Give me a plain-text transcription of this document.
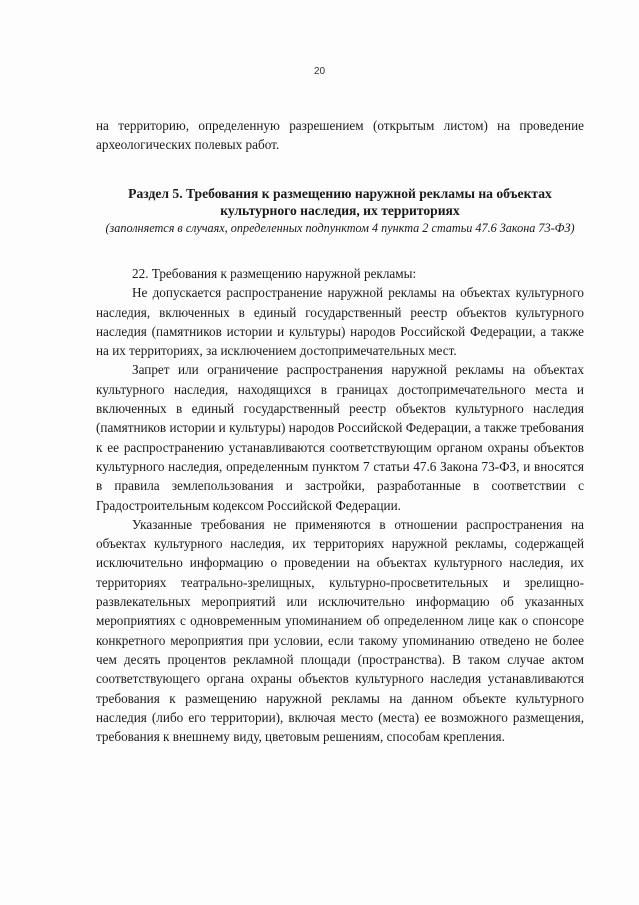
20
на территорию, определенную разрешением (открытым листом) на проведение археологических полевых работ.

Раздел 5. Требования к размещению наружной рекламы на объектах культурного наследия, их территориях

(заполняется в случаях, определенных подпунктом 4 пункта 2 статьи 47.6 Закона 73-ФЗ)

22. Требования к размещению наружной рекламы:

Не допускается распространение наружной рекламы на объектах культурного наследия, включенных в единый государственный реестр объектов культурного наследия (памятников истории и культуры) народов Российской Федерации, а также на их территориях, за исключением достопримечательных мест.

Запрет или ограничение распространения наружной рекламы на объектах культурного наследия, находящихся в границах достопримечательного места и включенных в единый государственный реестр объектов культурного наследия (памятников истории и культуры) народов Российской Федерации, а также требования к ее распространению устанавливаются соответствующим органом охраны объектов культурного наследия, определенным пунктом 7 статьи 47.6 Закона 73-ФЗ, и вносятся в правила землепользования и застройки, разработанные в соответствии с Градостроительным кодексом Российской Федерации.

Указанные требования не применяются в отношении распространения на объектах культурного наследия, их территориях наружной рекламы, содержащей исключительно информацию о проведении на объектах культурного наследия, их территориях театрально-зрелищных, культурно-просветительных и зрелищно-развлекательных мероприятий или исключительно информацию об указанных мероприятиях с одновременным упоминанием об определенном лице как о спонсоре конкретного мероприятия при условии, если такому упоминанию отведено не более чем десять процентов рекламной площади (пространства). В таком случае актом соответствующего органа охраны объектов культурного наследия устанавливаются требования к размещению наружной рекламы на данном объекте культурного наследия (либо его территории), включая место (места) ее возможного размещения, требования к внешнему виду, цветовым решениям, способам крепления.
